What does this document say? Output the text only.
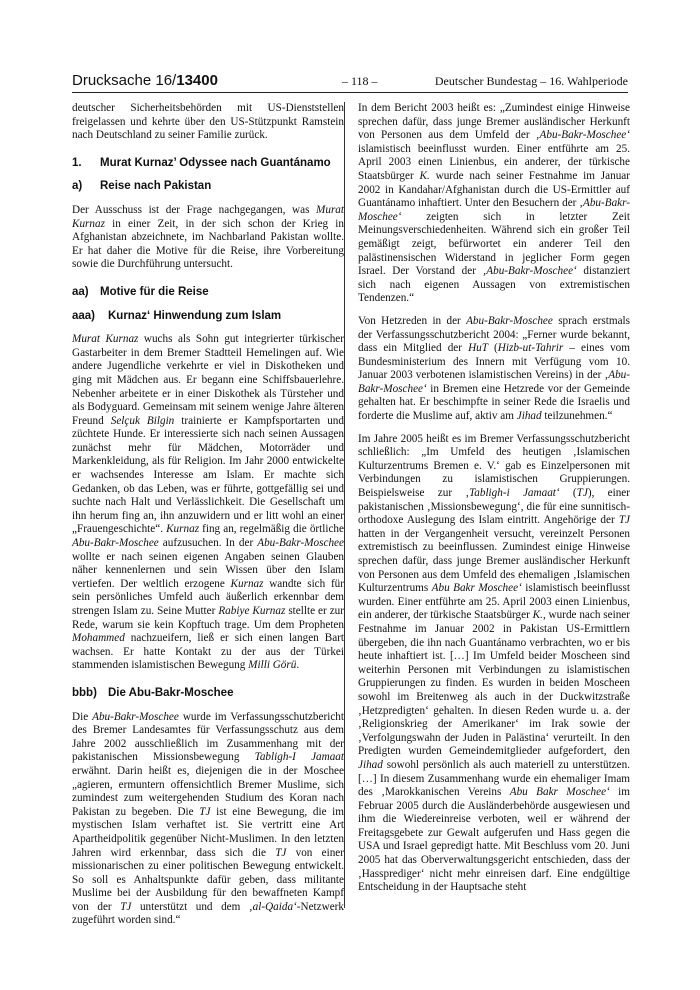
Drucksache 16/13400	– 118 –	Deutscher Bundestag – 16. Wahlperiode

deutscher Sicherheitsbehörden mit US-Dienststellen freigelassen und kehrte über den US-Stützpunkt Ramstein nach Deutschland zu seiner Familie zurück.

1.	Murat Kurnaz’ Odyssee nach Guantánamo
a)	Reise nach Pakistan

Der Ausschuss ist der Frage nachgegangen, was Murat Kurnaz in einer Zeit, in der sich schon der Krieg in Afghanistan abzeichnete, im Nachbarland Pakistan wollte. Er hat daher die Motive für die Reise, ihre Vorbereitung sowie die Durchführung untersucht.

aa) Motive für die Reise
aaa)	Kurnaz‘ Hinwendung zum Islam

Murat Kurnaz wuchs als Sohn gut integrierter türkischer Gastarbeiter in dem Bremer Stadtteil Hemelingen auf. Wie andere Jugendliche verkehrte er viel in Diskotheken und ging mit Mädchen aus. Er begann eine Schiffsbauerlehre. Nebenher arbeitete er in einer Diskothek als Türsteher und als Bodyguard. Gemeinsam mit seinem wenige Jahre älteren Freund Selçuk Bilgin trainierte er Kampfsportarten und züchtete Hunde. Er interessierte sich nach seinen Aussagen zunächst mehr für Mädchen, Motorräder und Markenkleidung, als für Religion. Im Jahr 2000 entwickelte er wachsendes Interesse am Islam. Er machte sich Gedanken, ob das Leben, was er führte, gottgefällig sei und suchte nach Halt und Verlässlichkeit. Die Gesellschaft um ihn herum fing an, ihn anzuwidern und er litt wohl an einer „Frauengeschichte“. Kurnaz fing an, regelmäßig die örtliche Abu-Bakr-Moschee aufzusuchen. In der Abu-Bakr-Moschee wollte er nach seinen eigenen Angaben seinen Glauben näher kennenlernen und sein Wissen über den Islam vertiefen. Der weltlich erzogene Kurnaz wandte sich für sein persönliches Umfeld auch äußerlich erkennbar dem strengen Islam zu. Seine Mutter Rabiye Kurnaz stellte er zur Rede, warum sie kein Kopftuch trage. Um dem Propheten Mohammed nachzueifern, ließ er sich einen langen Bart wachsen. Er hatte Kontakt zu der aus der Türkei stammenden islamistischen Bewegung Milli Görü.

bbb) Die Abu-Bakr-Moschee

Die Abu-Bakr-Moschee wurde im Verfassungsschutzbericht des Bremer Landesamtes für Verfassungsschutz aus dem Jahre 2002 ausschließlich im Zusammenhang mit der pakistanischen Missionsbewegung Tabligh-I Jamaat erwähnt. Darin heißt es, diejenigen die in der Moschee „agieren, ermuntern offensichtlich Bremer Muslime, sich zumindest zum weitergehenden Studium des Koran nach Pakistan zu begeben. Die TJ ist eine Bewegung, die im mystischen Islam verhaftet ist. Sie vertritt eine Art Apartheidpolitik gegenüber Nicht-Muslimen. In den letzten Jahren wird erkennbar, dass sich die TJ von einer missionarischen zu einer politischen Bewegung entwickelt. So soll es Anhaltspunkte dafür geben, dass militante Muslime bei der Ausbildung für den bewaffneten Kampf von der TJ unterstützt und dem ‚al-Qaida‘-Netzwerk zugeführt worden sind.“

In dem Bericht 2003 heißt es: „Zumindest einige Hinweise sprechen dafür, dass junge Bremer ausländischer Herkunft von Personen aus dem Umfeld der ‚Abu-Bakr-Moschee‘ islamistisch beeinflusst wurden. Einer entführte am 25. April 2003 einen Linienbus, ein anderer, der türkische Staatsbürger K. wurde nach seiner Festnahme im Januar 2002 in Kandahar/Afghanistan durch die US-Ermittler auf Guantánamo inhaftiert. Unter den Besuchern der ‚Abu-Bakr-Moschee‘ zeigten sich in letzter Zeit Meinungsverschiedenheiten. Während sich ein großer Teil gemäßigt zeigt, befürwortet ein anderer Teil den palästinensischen Widerstand in jeglicher Form gegen Israel. Der Vorstand der ‚Abu-Bakr-Moschee‘ distanziert sich nach eigenen Aussagen von extremistischen Tendenzen.“

Von Hetzreden in der Abu-Bakr-Moschee sprach erstmals der Verfassungsschutzbericht 2004: „Ferner wurde bekannt, dass ein Mitglied der HuT (Hizb-ut-Tahrir – eines vom Bundesministerium des Innern mit Verfügung vom 10. Januar 2003 verbotenen islamistischen Vereins) in der ‚Abu-Bakr-Moschee‘ in Bremen eine Hetzrede vor der Gemeinde gehalten hat. Er beschimpfte in seiner Rede die Israelis und forderte die Muslime auf, aktiv am Jihad teilzunehmen.“

Im Jahre 2005 heißt es im Bremer Verfassungsschutzbericht schließlich: „Im Umfeld des heutigen ‚Islamischen Kulturzentrums Bremen e. V.‘ gab es Einzelpersonen mit Verbindungen zu islamistischen Gruppierungen. Beispielsweise zur ‚Tabligh-i Jamaat‘ (TJ), einer pakistanischen ‚Missionsbewegung‘, die für eine sunnitisch-orthodoxe Auslegung des Islam eintritt. Angehörige der TJ hatten in der Vergangenheit versucht, vereinzelt Personen extremistisch zu beeinflussen. Zumindest einige Hinweise sprechen dafür, dass junge Bremer ausländischer Herkunft von Personen aus dem Umfeld des ehemaligen ‚Islamischen Kulturzentrums Abu Bakr Moschee‘ islamistisch beeinflusst wurden. Einer entführte am 25. April 2003 einen Linienbus, ein anderer, der türkische Staatsbürger K., wurde nach seiner Festnahme im Januar 2002 in Pakistan US-Ermittlern übergeben, die ihn nach Guantánamo verbrachten, wo er bis heute inhaftiert ist. […] Im Umfeld beider Moscheen sind weiterhin Personen mit Verbindungen zu islamistischen Gruppierungen zu finden. Es wurden in beiden Moscheen sowohl im Breitenweg als auch in der Duckwitzstraße ‚Hetzpredigten‘ gehalten. In diesen Reden wurde u. a. der ‚Religionskrieg der Amerikaner‘ im Irak sowie der ‚Verfolgungswahn der Juden in Palästina‘ verurteilt. In den Predigten wurden Gemeindemitglieder aufgefordert, den Jihad sowohl persönlich als auch materiell zu unterstützen. […] In diesem Zusammenhang wurde ein ehemaliger Imam des ‚Marokkanischen Vereins Abu Bakr Moschee‘ im Februar 2005 durch die Ausländerbehörde ausgewiesen und ihm die Wiedereinreise verboten, weil er während der Freitagsgebete zur Gewalt aufgerufen und Hass gegen die USA und Israel gepredigt hatte. Mit Beschluss vom 20. Juni 2005 hat das Oberverwaltungsgericht entschieden, dass der ‚Hassprediger‘ nicht mehr einreisen darf. Eine endgültige Entscheidung in der Hauptsache steht
